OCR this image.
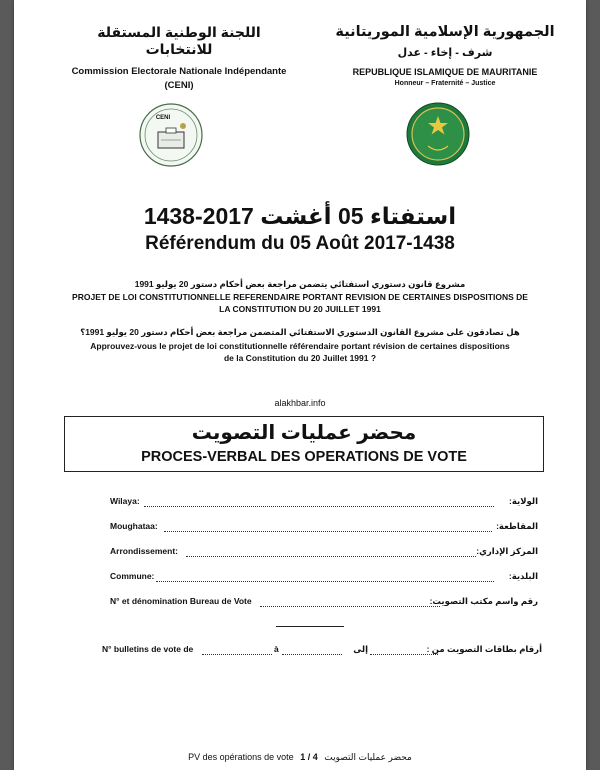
اللجنة الوطنية المستقلة للانتخابات
Commission Electorale Nationale Indépendante
(CENI)
CENI
الجمهورية الإسلامية الموريتانية
شرف - إخاء - عدل
REPUBLIQUE ISLAMIQUE DE MAURITANIE
Honneur – Fraternité – Justice
استفتاء 05 أغشت 2017-1438
Référendum du 05 Août 2017-1438
مشروع قانون دستوري استفتائي يتضمن مراجعة بعض أحكام دستور 20 يوليو 1991
PROJET DE LOI CONSTITUTIONNELLE REFERENDAIRE PORTANT REVISION DE CERTAINES DISPOSITIONS DE
LA CONSTITUTION DU 20 JUILLET 1991
هل تصادقون على مشروع القانون الدستوري الاستفتائي المتضمن مراجعة بعض أحكام دستور 20 يوليو 1991؟
Approuvez-vous le projet de loi constitutionnelle référendaire portant révision de certaines dispositions
de la Constitution du 20 Juillet 1991 ?
alakhbar.info
محضر عمليات التصويت
PROCES-VERBAL DES OPERATIONS DE VOTE
Wilaya:	الولاية:
Moughataa:	المقاطعة:
Arrondissement:	المركز الإداري:
Commune:	البلدية:
N° et dénomination Bureau de Vote	رقم واسم مكتب التصويت:
N° bulletins de vote de	à	إلى	أرقام بطاقات التصويت من :
PV des opérations de vote 1 / 4 محضر عمليات التصويت
